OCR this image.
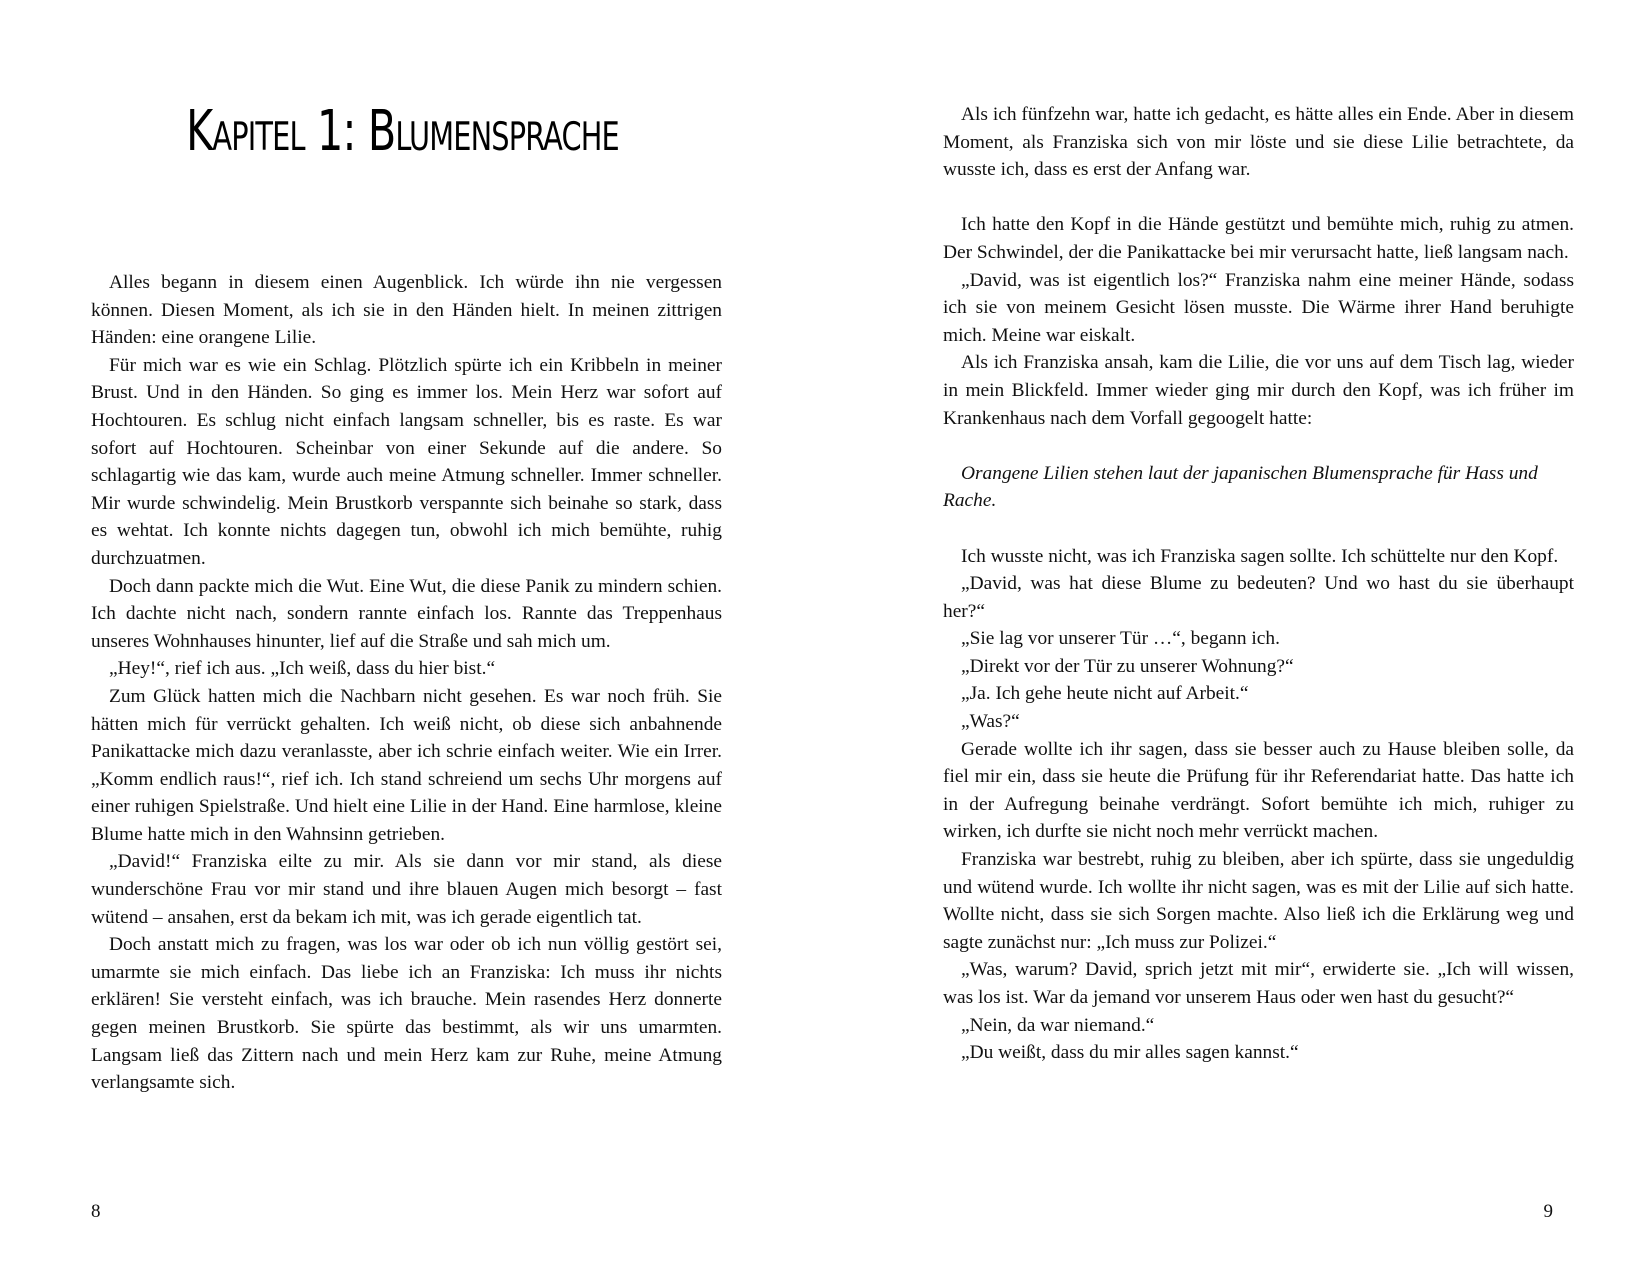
Kapitel 1: Blumensprache

Alles begann in diesem einen Augenblick. Ich würde ihn nie vergessen können. Diesen Moment, als ich sie in den Händen hielt. In meinen zittrigen Händen: eine orangene Lilie.

Für mich war es wie ein Schlag. Plötzlich spürte ich ein Kribbeln in meiner Brust. Und in den Händen. So ging es immer los. Mein Herz war sofort auf Hochtouren. Es schlug nicht einfach langsam schneller, bis es raste. Es war sofort auf Hochtouren. Scheinbar von einer Sekunde auf die andere. So schlagartig wie das kam, wurde auch meine Atmung schneller. Immer schneller. Mir wurde schwindelig. Mein Brustkorb verspannte sich beinahe so stark, dass es wehtat. Ich konnte nichts dagegen tun, obwohl ich mich bemühte, ruhig durchzuatmen.

Doch dann packte mich die Wut. Eine Wut, die diese Panik zu mindern schien. Ich dachte nicht nach, sondern rannte einfach los. Rannte das Treppenhaus unseres Wohnhauses hinunter, lief auf die Straße und sah mich um.

„Hey!“, rief ich aus. „Ich weiß, dass du hier bist.“

Zum Glück hatten mich die Nachbarn nicht gesehen. Es war noch früh. Sie hätten mich für verrückt gehalten. Ich weiß nicht, ob diese sich anbahnende Panikattacke mich dazu veranlasste, aber ich schrie einfach weiter. Wie ein Irrer. „Komm endlich raus!“, rief ich. Ich stand schreiend um sechs Uhr morgens auf einer ruhigen Spielstraße. Und hielt eine Lilie in der Hand. Eine harmlose, kleine Blume hatte mich in den Wahnsinn getrieben.

„David!“ Franziska eilte zu mir. Als sie dann vor mir stand, als diese wunderschöne Frau vor mir stand und ihre blauen Augen mich besorgt – fast wütend – ansahen, erst da bekam ich mit, was ich gerade eigentlich tat.

Doch anstatt mich zu fragen, was los war oder ob ich nun völlig gestört sei, umarmte sie mich einfach. Das liebe ich an Franziska: Ich muss ihr nichts erklären! Sie versteht einfach, was ich brauche. Mein rasendes Herz donnerte gegen meinen Brustkorb. Sie spürte das bestimmt, als wir uns umarmten. Langsam ließ das Zittern nach und mein Herz kam zur Ruhe, meine Atmung verlangsamte sich.

8

Als ich fünfzehn war, hatte ich gedacht, es hätte alles ein Ende. Aber in diesem Moment, als Franziska sich von mir löste und sie diese Lilie betrachtete, da wusste ich, dass es erst der Anfang war.

Ich hatte den Kopf in die Hände gestützt und bemühte mich, ruhig zu atmen. Der Schwindel, der die Panikattacke bei mir verursacht hatte, ließ langsam nach.

„David, was ist eigentlich los?“ Franziska nahm eine meiner Hände, sodass ich sie von meinem Gesicht lösen musste. Die Wärme ihrer Hand beruhigte mich. Meine war eiskalt.

Als ich Franziska ansah, kam die Lilie, die vor uns auf dem Tisch lag, wieder in mein Blickfeld. Immer wieder ging mir durch den Kopf, was ich früher im Krankenhaus nach dem Vorfall gegoogelt hatte:

Orangene Lilien stehen laut der japanischen Blumensprache für Hass und Rache.

Ich wusste nicht, was ich Franziska sagen sollte. Ich schüttelte nur den Kopf.

„David, was hat diese Blume zu bedeuten? Und wo hast du sie überhaupt her?“

„Sie lag vor unserer Tür …“, begann ich.

„Direkt vor der Tür zu unserer Wohnung?“

„Ja. Ich gehe heute nicht auf Arbeit.“

„Was?“

Gerade wollte ich ihr sagen, dass sie besser auch zu Hause bleiben solle, da fiel mir ein, dass sie heute die Prüfung für ihr Referendariat hatte. Das hatte ich in der Aufregung beinahe verdrängt. Sofort bemühte ich mich, ruhiger zu wirken, ich durfte sie nicht noch mehr verrückt machen.

Franziska war bestrebt, ruhig zu bleiben, aber ich spürte, dass sie ungeduldig und wütend wurde. Ich wollte ihr nicht sagen, was es mit der Lilie auf sich hatte. Wollte nicht, dass sie sich Sorgen machte. Also ließ ich die Erklärung weg und sagte zunächst nur: „Ich muss zur Polizei.“

„Was, warum? David, sprich jetzt mit mir“, erwiderte sie. „Ich will wissen, was los ist. War da jemand vor unserem Haus oder wen hast du gesucht?“

„Nein, da war niemand.“

„Du weißt, dass du mir alles sagen kannst.“

9
